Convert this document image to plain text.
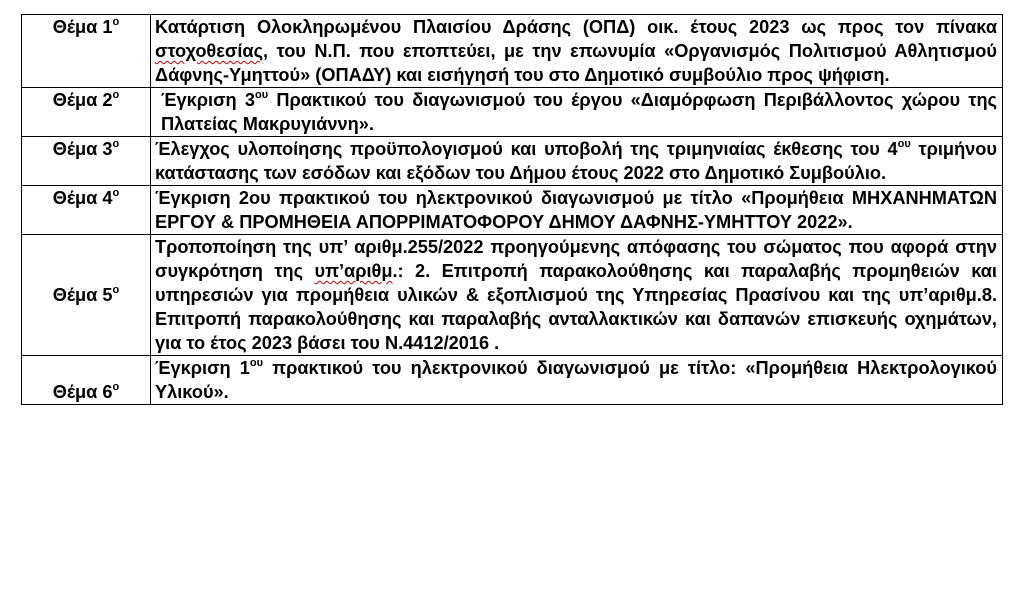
Θέμα $1^o$	Κατάρτιση Ολοκληρωμένου Πλαισίου Δράσης (ΟΠΔ) οικ. έτους 2023 ως προς τον πίνακα στοχοθεσίας, του Ν.Π. που εποπτεύει, με την επωνυμία «Οργανισμός Πολιτισμού Αθλητισμού Δάφνης-Υμηττού» (ΟΠΑΔΥ) και εισήγησή του στο Δημοτικό συμβούλιο προς ψήφιση.
Θέμα $2^o$	Έγκριση $3^{o\upsilon}$ Πρακτικού του διαγωνισμού του έργου «Διαμόρφωση Περιβάλλοντος χώρου της Πλατείας Μακρυγιάννη».
Θέμα $3^o$	Έλεγχος υλοποίησης προϋπολογισμού και υποβολή της τριμηνιαίας έκθεσης του $4^{o\upsilon}$ τριμήνου κατάστασης των εσόδων και εξόδων του Δήμου έτους 2022 στο Δημοτικό Συμβούλιο.
Θέμα $4^o$	Έγκριση 2ου πρακτικού του ηλεκτρονικού διαγωνισμού με τίτλο «Προμήθεια ΜΗΧΑΝΗΜΑΤΩΝ ΕΡΓΟΥ & ΠΡΟΜΗΘΕΙΑ ΑΠΟΡΡΙΜΑΤΟΦΟΡΟΥ ΔΗΜΟΥ ΔΑΦΝΗΣ-ΥΜΗΤΤΟΥ 2022».
Θέμα $5^o$	Τροποποίηση της υπ’ αριθμ.255/2022 προηγούμενης απόφασης του σώματος που αφορά στην συγκρότηση της υπ’αριθμ.: 2. Επιτροπή παρακολούθησης και παραλαβής προμηθειών και υπηρεσιών για προμήθεια υλικών & εξοπλισμού της Υπηρεσίας Πρασίνου και της υπ’αριθμ.8. Επιτροπή παρακολούθησης και παραλαβής ανταλλακτικών και δαπανών επισκευής οχημάτων, για το έτος 2023 βάσει του Ν.4412/2016 .
Θέμα $6^o$	Έγκριση $1^{o\upsilon}$ πρακτικού του ηλεκτρονικού διαγωνισμού με τίτλο: «Προμήθεια Ηλεκτρολογικού Υλικού».
